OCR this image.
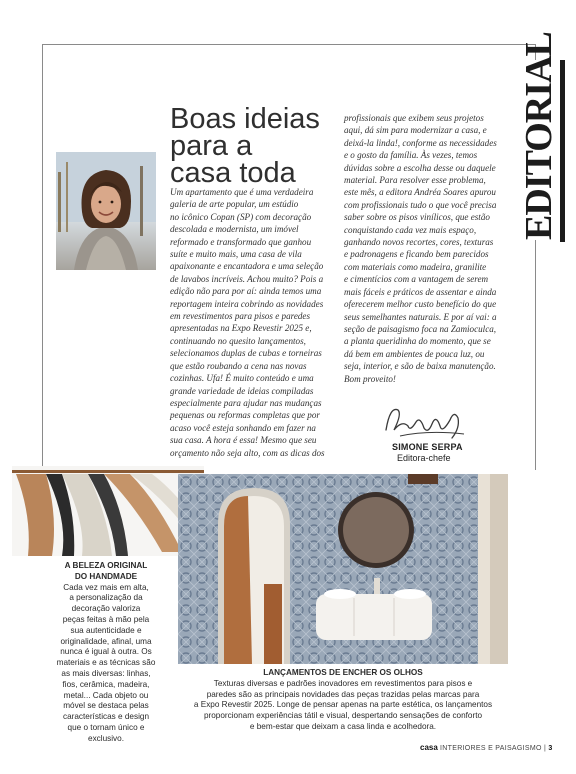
EDITORIAL
Boas ideias
para a
casa toda

Um apartamento que é uma verdadeira

galeria de arte popular, um estúdio

no icônico Copan (SP) com decoração

descolada e modernista, um imóvel

reformado e transformado que ganhou

suíte e muito mais, uma casa de vila

apaixonante e encantadora e uma seleção

de lavabos incríveis. Achou muito? Pois a

edição não para por aí: ainda temos uma

reportagem inteira cobrindo as novidades

em revestimentos para pisos e paredes

apresentadas na Expo Revestir 2025 e,

continuando no quesito lançamentos,

selecionamos duplas de cubas e torneiras

que estão roubando a cena nas novas

cozinhas. Ufa! É muito conteúdo e uma

grande variedade de ideias compiladas

especialmente para ajudar nas mudanças

pequenas ou reformas completas que por

acaso você esteja sonhando em fazer na

sua casa. A hora é essa! Mesmo que seu

orçamento não seja alto, com as dicas dos

profissionais que exibem seus projetos

aqui, dá sim para modernizar a casa, e

deixá-la linda!, conforme as necessidades

e o gosto da família. Às vezes, temos

dúvidas sobre a escolha desse ou daquele

material. Para resolver esse problema,

este mês, a editora Andréa Soares apurou

com profissionais tudo o que você precisa

saber sobre os pisos vinílicos, que estão

conquistando cada vez mais espaço,

ganhando novos recortes, cores, texturas

e padronagens e ficando bem parecidos

com materiais como madeira, granilite

e cimentícios com a vantagem de serem

mais fáceis e práticos de assentar e ainda

oferecerem melhor custo benefício do que

seus semelhantes naturais. E por aí vai: a

seção de paisagismo foca na Zamioculca,

a planta queridinha do momento, que se

dá bem em ambientes de pouca luz, ou

seja, interior, e são de baixa manutenção.

Bom proveito!

SIMONE SERPA
Editora-chefe

A BELEZA ORIGINAL

DO HANDMADE

Cada vez mais em alta,

a personalização da

decoração valoriza

peças feitas à mão pela

sua autenticidade e

originalidade, afinal, uma

nunca é igual à outra. Os

materiais e as técnicas são

as mais diversas: linhas,

fios, cerâmica, madeira,

metal... Cada objeto ou

móvel se destaca pelas

características e design

que o tornam único e

exclusivo.

LANÇAMENTOS DE ENCHER OS OLHOS

Texturas diversas e padrões inovadores em revestimentos para pisos e

paredes são as principais novidades das peças trazidas pelas marcas para

a Expo Revestir 2025. Longe de pensar apenas na parte estética, os lançamentos

proporcionam experiências tátil e visual, despertando sensações de conforto

e bem-estar que deixam a casa linda e acolhedora.

casa INTERIORES E PAISAGISMO | 3
